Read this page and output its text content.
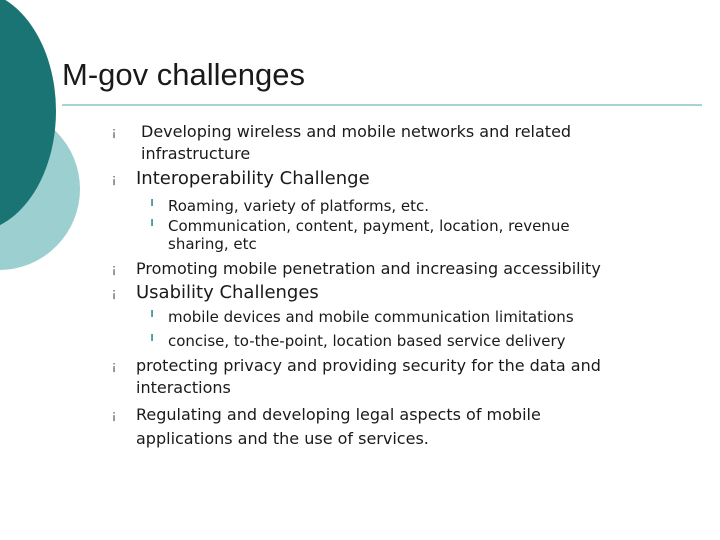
M-gov challenges
¡ Developing wireless and mobile networks and related
infrastructure
¡ Interoperability Challenge
l Roaming, variety of platforms, etc.
l Communication, content, payment, location, revenue
sharing, etc
¡ Promoting mobile penetration and increasing accessibility
¡ Usability Challenges
l mobile devices and mobile communication limitations
l concise, to-the-point, location based service delivery
¡ protecting privacy and providing security for the data and
interactions
¡ Regulating and developing legal aspects of mobile
applications and the use of services.
